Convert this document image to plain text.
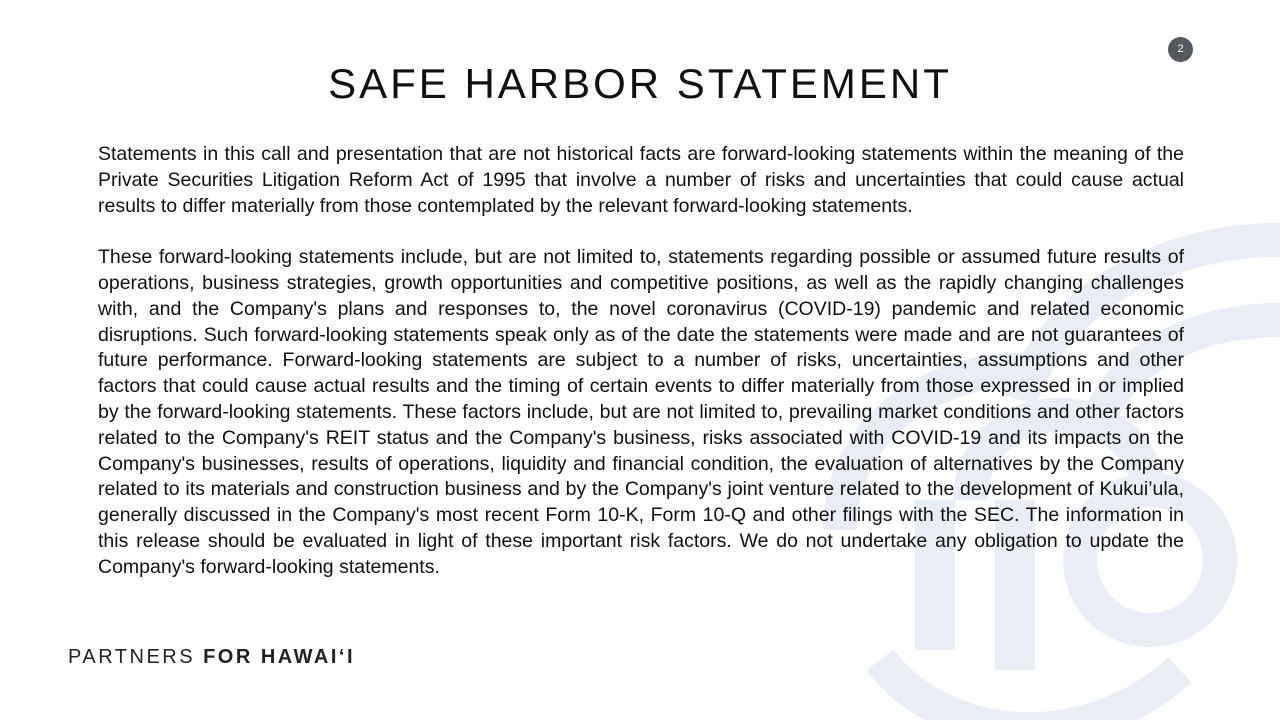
2
SAFE HARBOR STATEMENT

Statements in this call and presentation that are not historical facts are forward-looking statements within the meaning of the Private Securities Litigation Reform Act of 1995 that involve a number of risks and uncertainties that could cause actual results to differ materially from those contemplated by the relevant forward-looking statements.

These forward-looking statements include, but are not limited to, statements regarding possible or assumed future results of operations, business strategies, growth opportunities and competitive positions, as well as the rapidly changing challenges with, and the Company's plans and responses to, the novel coronavirus (COVID-19) pandemic and related economic disruptions. Such forward-looking statements speak only as of the date the statements were made and are not guarantees of future performance. Forward-looking statements are subject to a number of risks, uncertainties, assumptions and other factors that could cause actual results and the timing of certain events to differ materially from those expressed in or implied by the forward-looking statements. These factors include, but are not limited to, prevailing market conditions and other factors related to the Company's REIT status and the Company's business, risks associated with COVID-19 and its impacts on the Company's businesses, results of operations, liquidity and financial condition, the evaluation of alternatives by the Company related to its materials and construction business and by the Company's joint venture related to the development of Kukui’ula, generally discussed in the Company's most recent Form 10-K, Form 10-Q and other filings with the SEC. The information in this release should be evaluated in light of these important risk factors. We do not undertake any obligation to update the Company's forward-looking statements.

PARTNERS FOR HAWAI‘I
